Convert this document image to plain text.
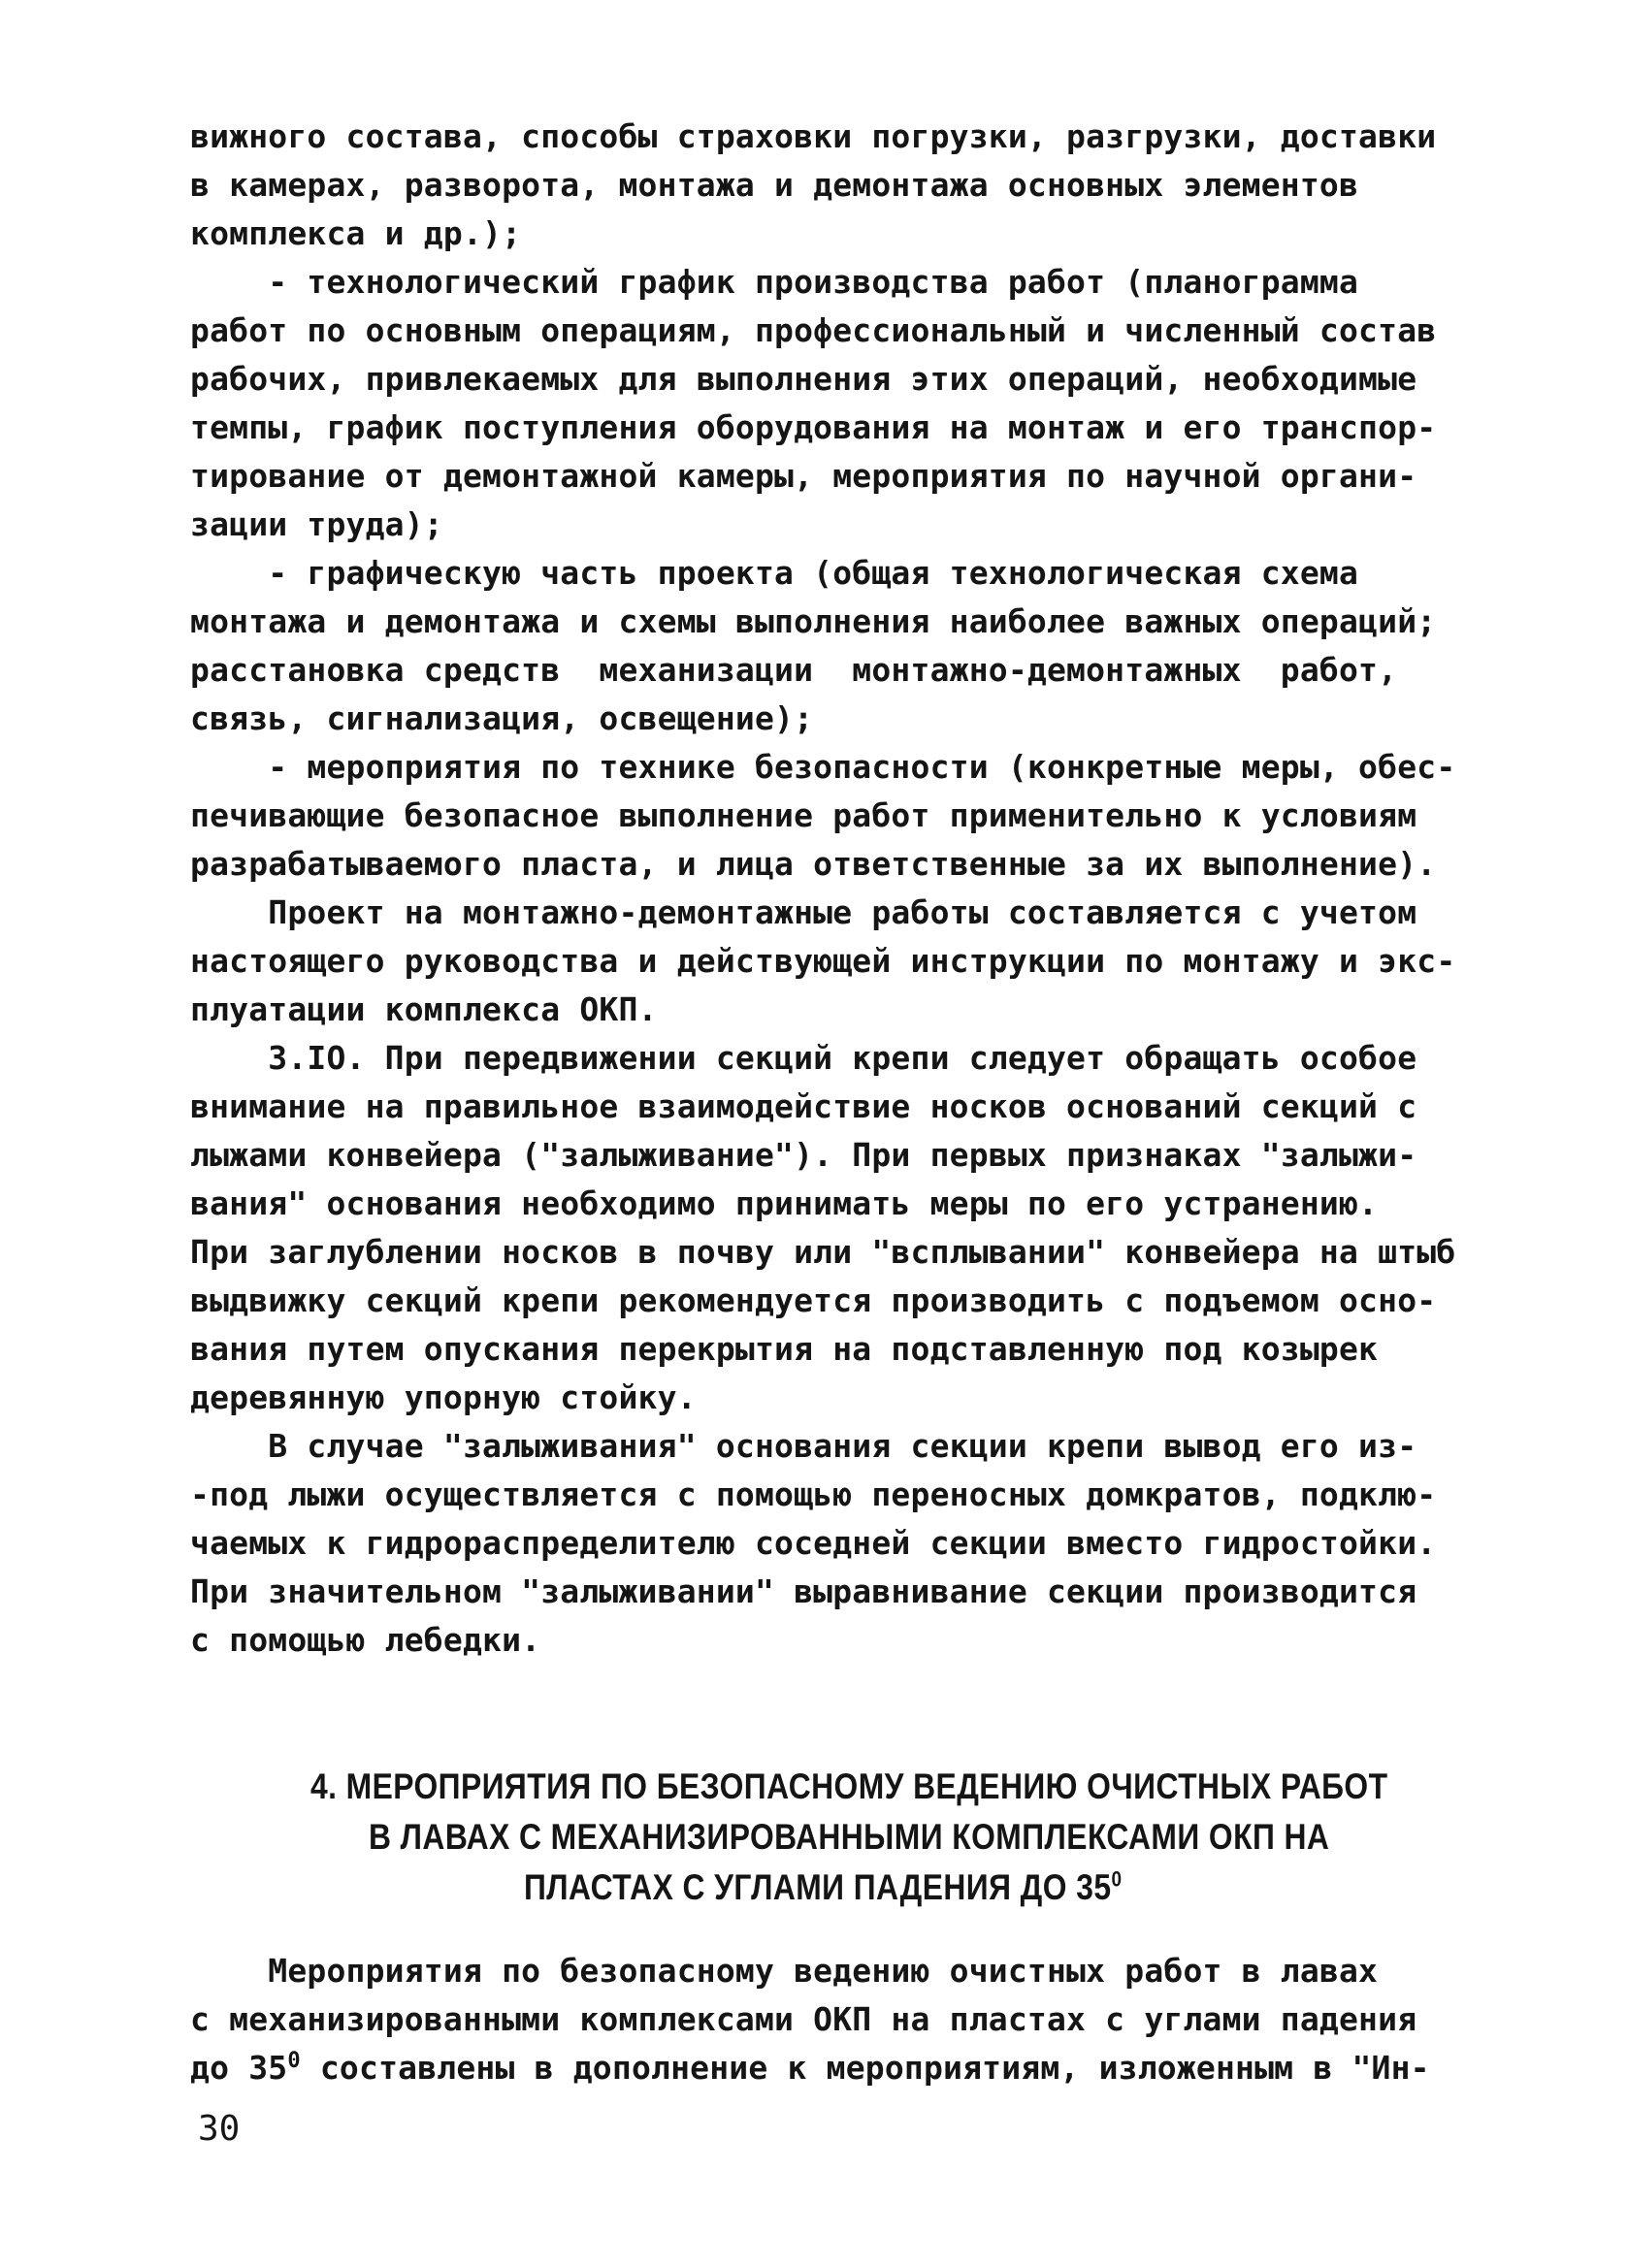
вижного состава, способы страховки погрузки, разгрузки, доставки
в камерах, разворота, монтажа и демонтажа основных элементов
комплекса и др.);
- технологический график производства работ (планограмма
работ по основным операциям, профессиональный и численный состав
рабочих, привлекаемых для выполнения этих операций, необходимые
темпы, график поступления оборудования на монтаж и его транспор-
тирование от демонтажной камеры, мероприятия по научной органи-
зации труда);
- графическую часть проекта (общая технологическая схема
монтажа и демонтажа и схемы выполнения наиболее важных операций;
расстановка средств  механизации  монтажно-демонтажных  работ,
связь, сигнализация, освещение);
- мероприятия по технике безопасности (конкретные меры, обес-
печивающие безопасное выполнение работ применительно к условиям
разрабатываемого пласта, и лица ответственные за их выполнение).
Проект на монтажно-демонтажные работы составляется с учетом
настоящего руководства и действующей инструкции по монтажу и экс-
плуатации комплекса ОКП.
3.IO. При передвижении секций крепи следует обращать особое
внимание на правильное взаимодействие носков оснований секций с
лыжами конвейера ("залыживание"). При первых признаках "залыжи-
вания" основания необходимо принимать меры по его устранению.
При заглублении носков в почву или "всплывании" конвейера на штыб
выдвижку секций крепи рекомендуется производить с подъемом осно-
вания путем опускания перекрытия на подставленную под козырек
деревянную упорную стойку.
В случае "залыживания" основания секции крепи вывод его из-
-под лыжи осуществляется с помощью переносных домкратов, подклю-
чаемых к гидрораспределителю соседней секции вместо гидростойки.
При значительном "залыживании" выравнивание секции производится
с помощью лебедки.
4. МЕРОПРИЯТИЯ ПО БЕЗОПАСНОМУ ВЕДЕНИЮ ОЧИСТНЫХ РАБОТ
В ЛАВАХ С МЕХАНИЗИРОВАННЫМИ КОМПЛЕКСАМИ ОКП НА
ПЛАСТАХ С УГЛАМИ ПАДЕНИЯ ДО $35^0$
Мероприятия по безопасному ведению очистных работ в лавах
с механизированными комплексами ОКП на пластах с углами падения
до $35^0$ составлены в дополнение к мероприятиям, изложенным в "Ин-
30
